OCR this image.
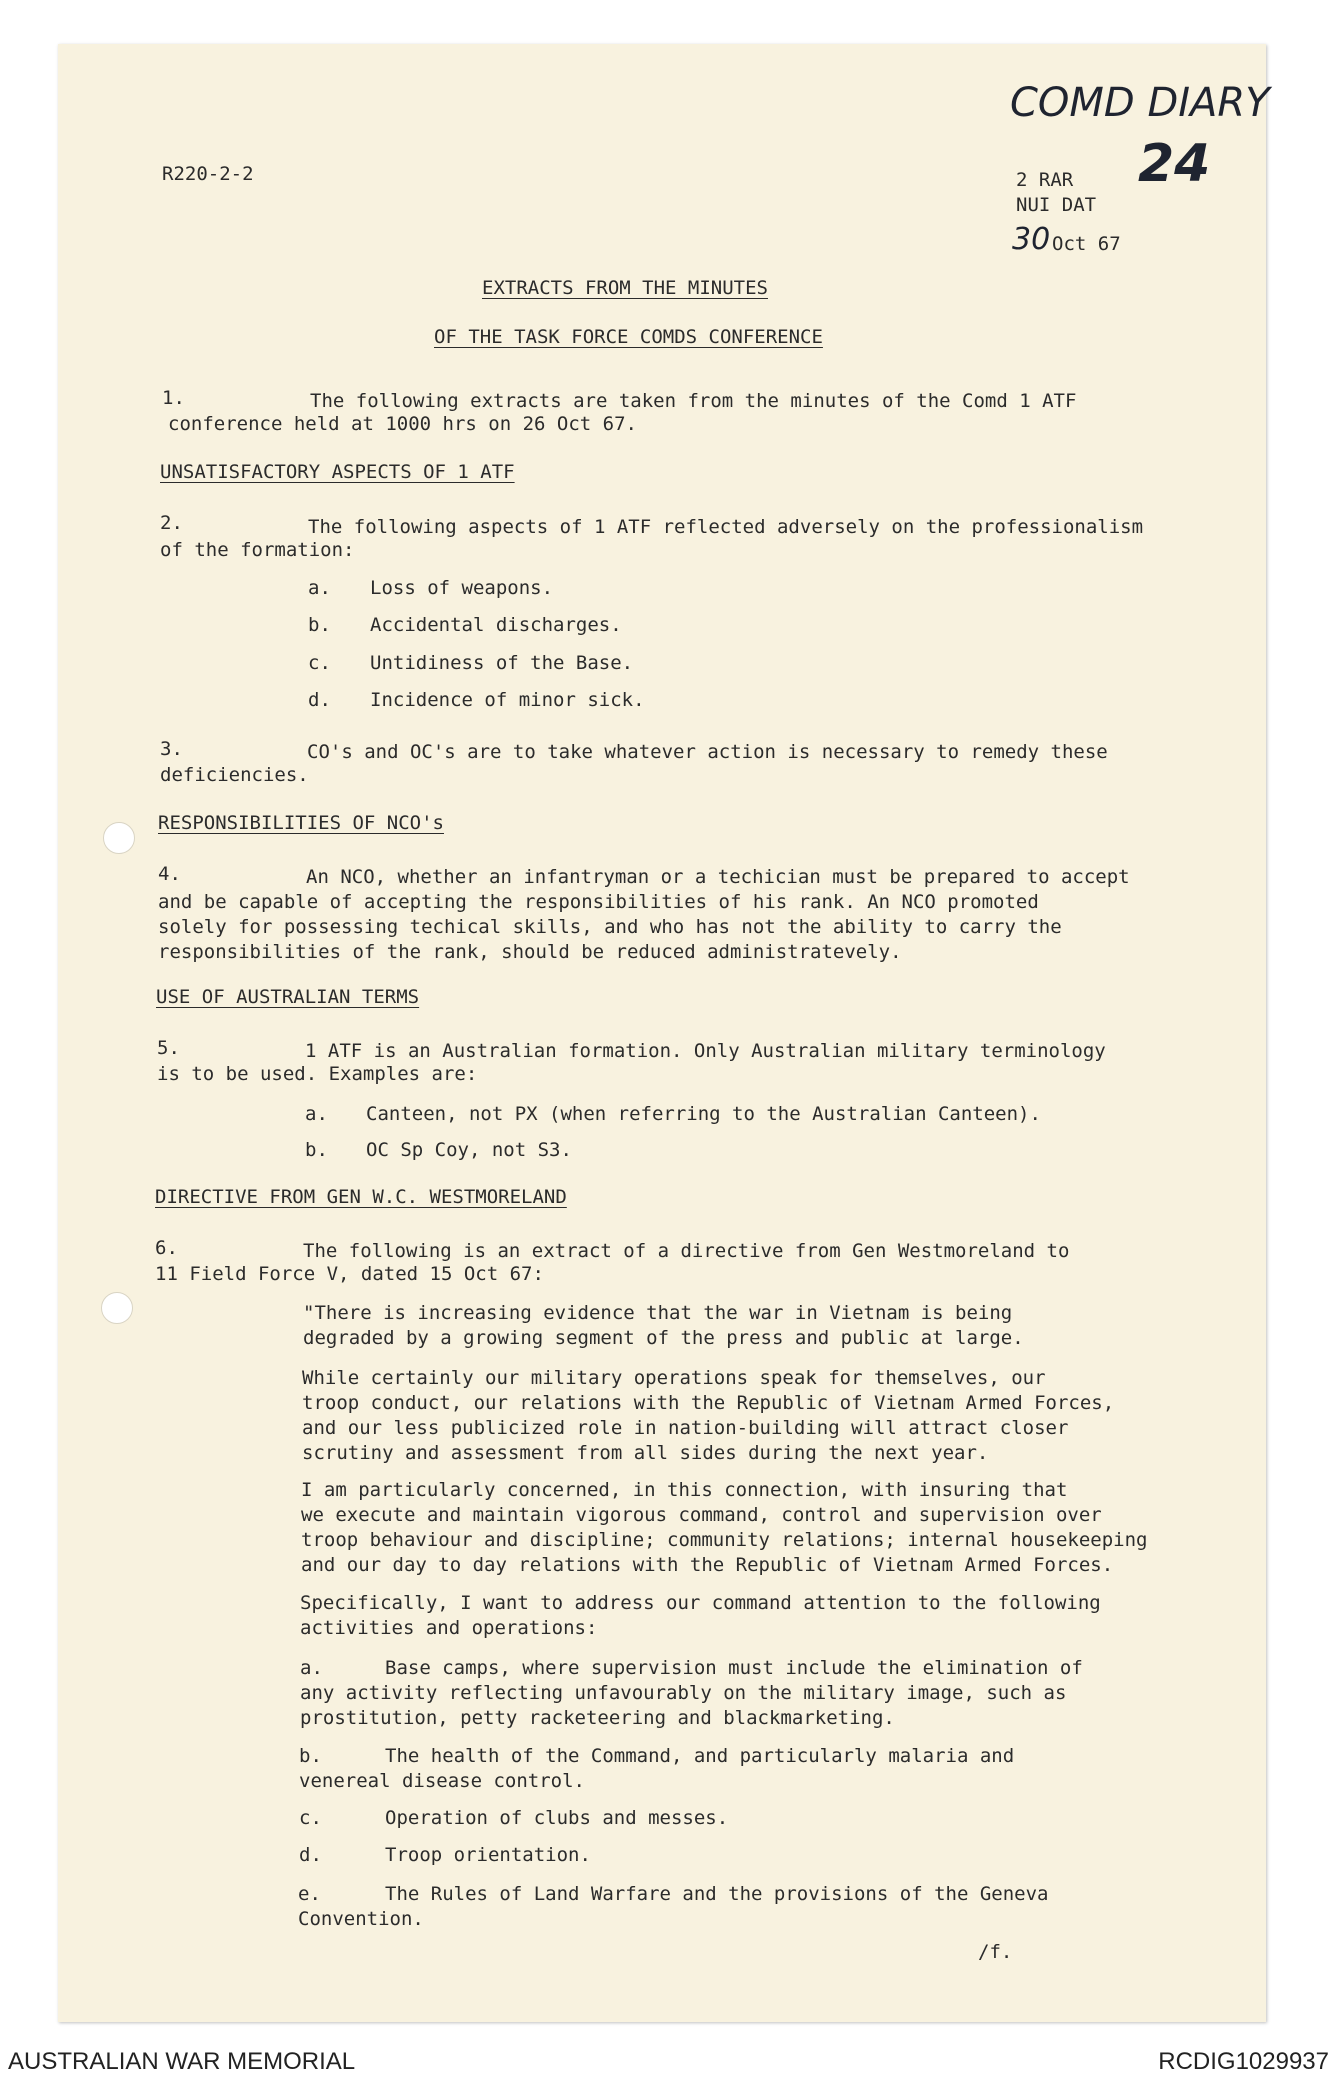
COMD DIARY
24
R220-2-2	2 RAR
NUI DAT
30 Oct 67
EXTRACTS FROM THE MINUTES
OF THE TASK FORCE COMDS CONFERENCE
1.	The following extracts are taken from the minutes of the Comd 1 ATF
conference held at 1000 hrs on 26 Oct 67.
UNSATISFACTORY ASPECTS OF 1 ATF
2.	The following aspects of 1 ATF reflected adversely on the professionalism
of the formation:
a. Loss of weapons.
b. Accidental discharges.
c. Untidiness of the Base.
d. Incidence of minor sick.
3.	CO's and OC's are to take whatever action is necessary to remedy these
deficiencies.
RESPONSIBILITIES OF NCO's
4.	An NCO, whether an infantryman or a techician must be prepared to accept
and be capable of accepting the responsibilities of his rank. An NCO promoted
solely for possessing techical skills, and who has not the ability to carry the
responsibilities of the rank, should be reduced administratevely.
USE OF AUSTRALIAN TERMS
5.	1 ATF is an Australian formation. Only Australian military terminology
is to be used. Examples are:
a. Canteen, not PX (when referring to the Australian Canteen).
b. OC Sp Coy, not S3.
DIRECTIVE FROM GEN W.C. WESTMORELAND
6.	The following is an extract of a directive from Gen Westmoreland to
11 Field Force V, dated 15 Oct 67:
"There is increasing evidence that the war in Vietnam is being
degraded by a growing segment of the press and public at large.
While certainly our military operations speak for themselves, our
troop conduct, our relations with the Republic of Vietnam Armed Forces,
and our less publicized role in nation-building will attract closer
scrutiny and assessment from all sides during the next year.
I am particularly concerned, in this connection, with insuring that
we execute and maintain vigorous command, control and supervision over
troop behaviour and discipline; community relations; internal housekeeping
and our day to day relations with the Republic of Vietnam Armed Forces.
Specifically, I want to address our command attention to the following
activities and operations:
a.	Base camps, where supervision must include the elimination of
any activity reflecting unfavourably on the military image, such as
prostitution, petty racketeering and blackmarketing.
b.	The health of the Command, and particularly malaria and
venereal disease control.
c.	Operation of clubs and messes.
d.	Troop orientation.
e.	The Rules of Land Warfare and the provisions of the Geneva
Convention.
/f.
AUSTRALIAN WAR MEMORIAL	RCDIG1029937
